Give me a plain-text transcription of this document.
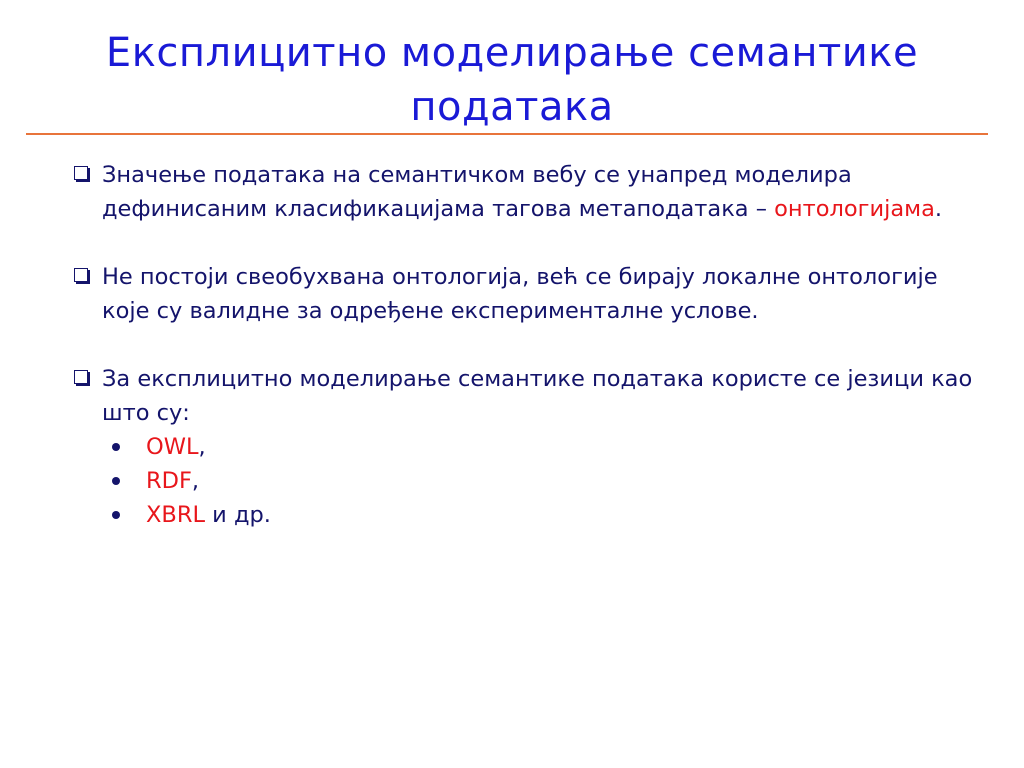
Експлицитно моделирање семантике
података
Значење података на семантичком вебу се унапред моделира дефинисаним класификацијама тагова метаподатака – онтологијама.
Не постоји свеобухвана онтологија, већ се бирају локалне онтологије које су валидне за одређене експерименталне услове.
За експлицитно моделирање семантике података користе се језици као што су:
OWL,
RDF,
XBRL и др.
